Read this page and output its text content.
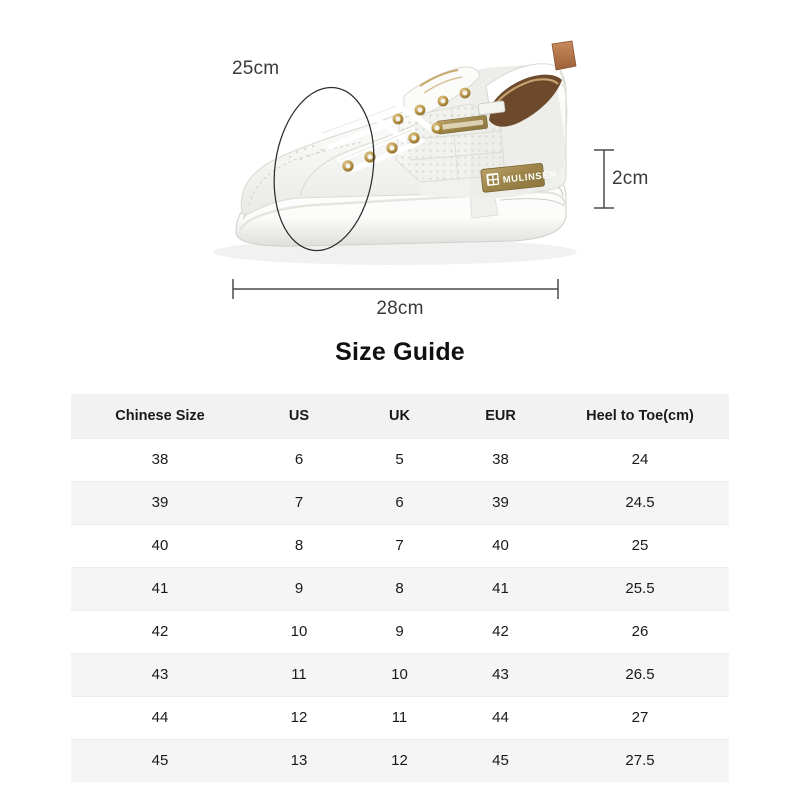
MULINSEN
25cm
2cm
28cm
Size Guide
Chinese Size	US	UK	EUR	Heel to Toe(cm)
38	6	5	38	24
39	7	6	39	24.5
40	8	7	40	25
41	9	8	41	25.5
42	10	9	42	26
43	11	10	43	26.5
44	12	11	44	27
45	13	12	45	27.5
